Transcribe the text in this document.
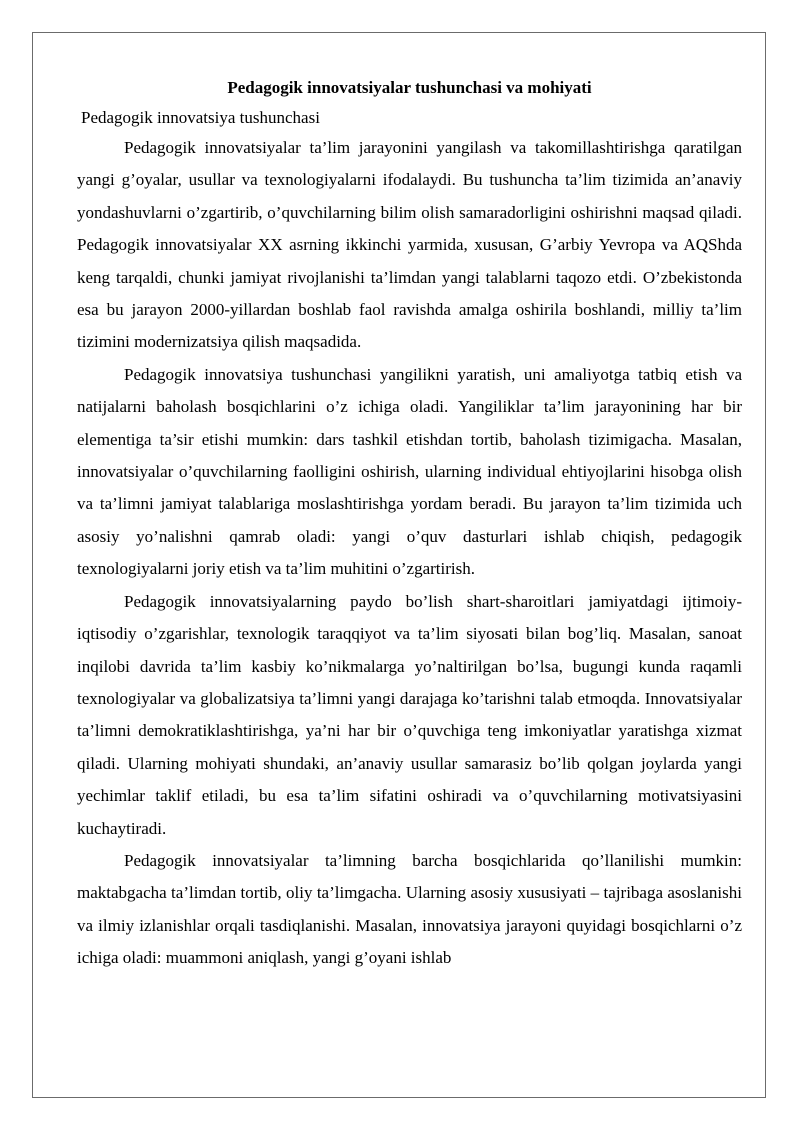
Pedagogik innovatsiyalar tushunchasi va mohiyati

Pedagogik innovatsiya tushunchasi

Pedagogik innovatsiyalar ta’lim jarayonini yangilash va takomillashtirishga qaratilgan yangi g’oyalar, usullar va texnologiyalarni ifodalaydi. Bu tushuncha ta’lim tizimida an’anaviy yondashuvlarni o’zgartirib, o’quvchilarning bilim olish samaradorligini oshirishni maqsad qiladi. Pedagogik innovatsiyalar XX asrning ikkinchi yarmida, xususan, G’arbiy Yevropa va AQShda keng tarqaldi, chunki jamiyat rivojlanishi ta’limdan yangi talablarni taqozo etdi. O’zbekistonda esa bu jarayon 2000-yillardan boshlab faol ravishda amalga oshirila boshlandi, milliy ta’lim tizimini modernizatsiya qilish maqsadida.

Pedagogik innovatsiya tushunchasi yangilikni yaratish, uni amaliyotga tatbiq etish va natijalarni baholash bosqichlarini o’z ichiga oladi. Yangiliklar ta’lim jarayonining har bir elementiga ta’sir etishi mumkin: dars tashkil etishdan tortib, baholash tizimigacha. Masalan, innovatsiyalar o’quvchilarning faolligini oshirish, ularning individual ehtiyojlarini hisobga olish va ta’limni jamiyat talablariga moslashtirishga yordam beradi. Bu jarayon ta’lim tizimida uch asosiy yo’nalishni qamrab oladi: yangi o’quv dasturlari ishlab chiqish, pedagogik texnologiyalarni joriy etish va ta’lim muhitini o’zgartirish.

Pedagogik innovatsiyalarning paydo bo’lish shart-sharoitlari jamiyatdagi ijtimoiy-iqtisodiy o’zgarishlar, texnologik taraqqiyot va ta’lim siyosati bilan bog’liq. Masalan, sanoat inqilobi davrida ta’lim kasbiy ko’nikmalarga yo’naltirilgan bo’lsa, bugungi kunda raqamli texnologiyalar va globalizatsiya ta’limni yangi darajaga ko’tarishni talab etmoqda. Innovatsiyalar ta’limni demokratiklashtirishga, ya’ni har bir o’quvchiga teng imkoniyatlar yaratishga xizmat qiladi. Ularning mohiyati shundaki, an’anaviy usullar samarasiz bo’lib qolgan joylarda yangi yechimlar taklif etiladi, bu esa ta’lim sifatini oshiradi va o’quvchilarning motivatsiyasini kuchaytiradi.

Pedagogik innovatsiyalar ta’limning barcha bosqichlarida qo’llanilishi mumkin: maktabgacha ta’limdan tortib, oliy ta’limgacha. Ularning asosiy xususiyati – tajribaga asoslanishi va ilmiy izlanishlar orqali tasdiqlanishi. Masalan, innovatsiya jarayoni quyidagi bosqichlarni o’z ichiga oladi: muammoni aniqlash, yangi g’oyani ishlab
